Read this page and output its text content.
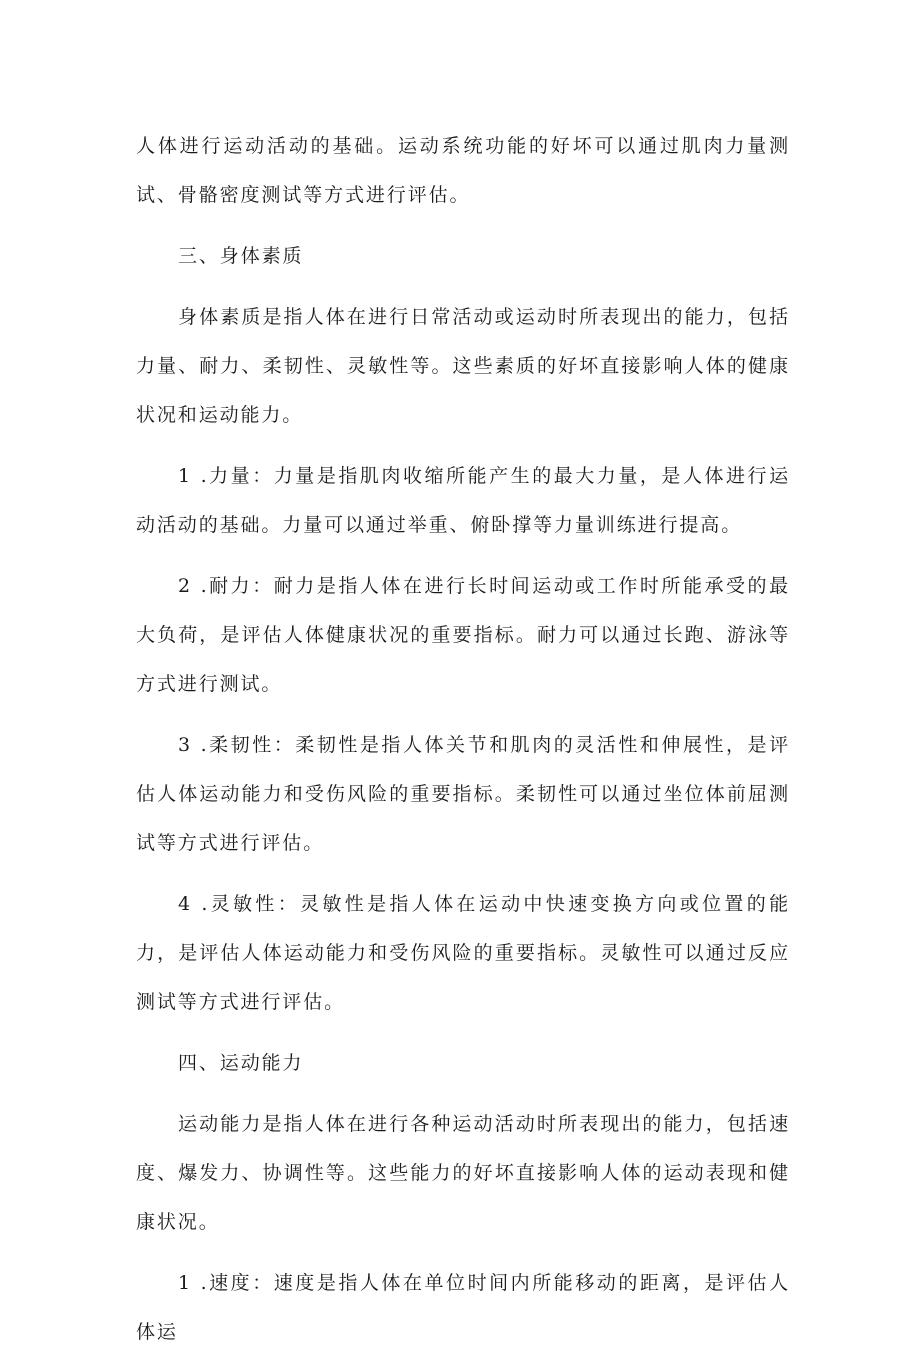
人体进行运动活动的基础。运动系统功能的好坏可以通过肌肉力量测试、骨骼密度测试等方式进行评估。

三、身体素质

身体素质是指人体在进行日常活动或运动时所表现出的能力，包括力量、耐力、柔韧性、灵敏性等。这些素质的好坏直接影响人体的健康状况和运动能力。

1 .力量：力量是指肌肉收缩所能产生的最大力量，是人体进行运动活动的基础。力量可以通过举重、俯卧撑等力量训练进行提高。

2 .耐力：耐力是指人体在进行长时间运动或工作时所能承受的最大负荷，是评估人体健康状况的重要指标。耐力可以通过长跑、游泳等方式进行测试。

3 .柔韧性：柔韧性是指人体关节和肌肉的灵活性和伸展性，是评估人体运动能力和受伤风险的重要指标。柔韧性可以通过坐位体前屈测试等方式进行评估。

4 .灵敏性：灵敏性是指人体在运动中快速变换方向或位置的能力，是评估人体运动能力和受伤风险的重要指标。灵敏性可以通过反应测试等方式进行评估。

四、运动能力

运动能力是指人体在进行各种运动活动时所表现出的能力，包括速度、爆发力、协调性等。这些能力的好坏直接影响人体的运动表现和健康状况。

1 .速度：速度是指人体在单位时间内所能移动的距离，是评估人体运
